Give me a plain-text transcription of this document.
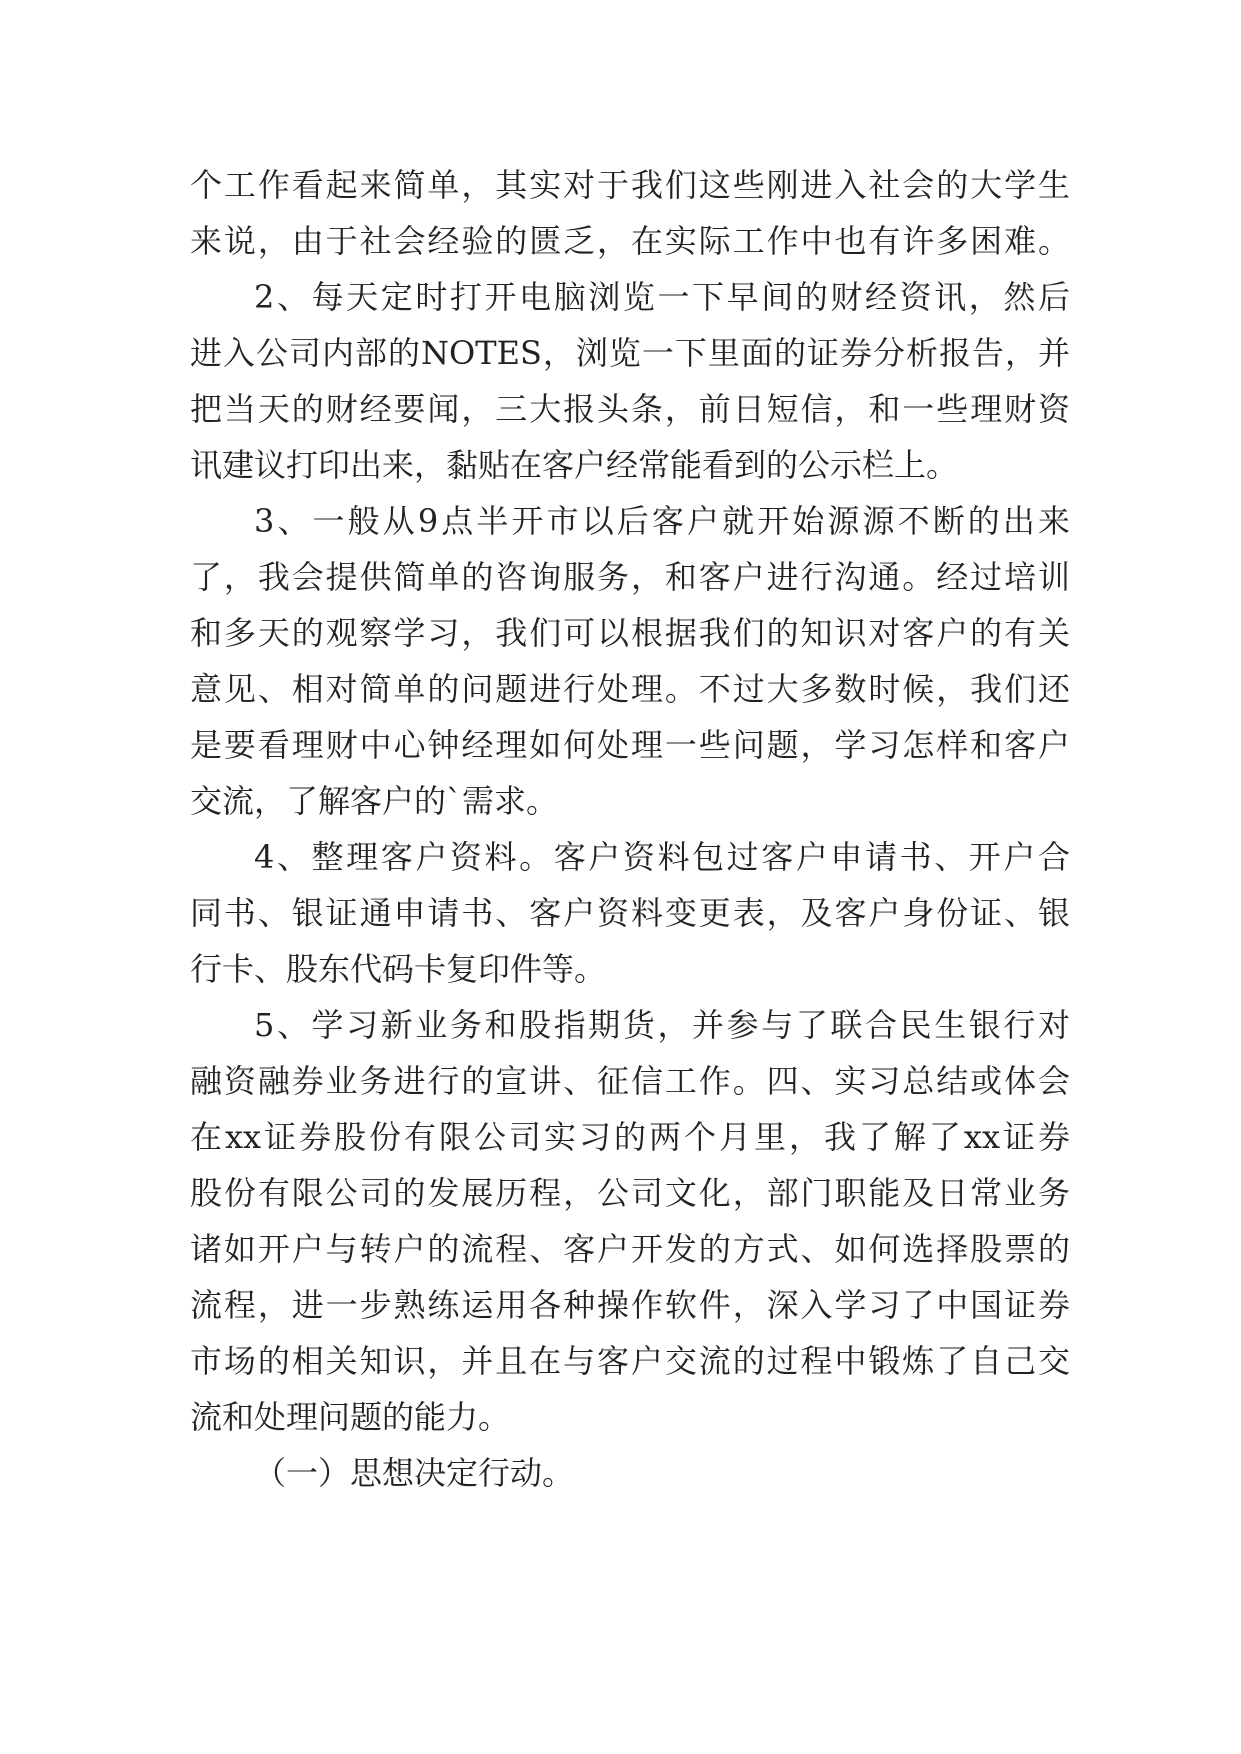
个工作看起来简单，其实对于我们这些刚进入社会的大学生
来说，由于社会经验的匮乏，在实际工作中也有许多困难。
2、每天定时打开电脑浏览一下早间的财经资讯，然后
进入公司内部的NOTES，浏览一下里面的证券分析报告，并
把当天的财经要闻，三大报头条，前日短信，和一些理财资
讯建议打印出来，黏贴在客户经常能看到的公示栏上。
3、一般从9点半开市以后客户就开始源源不断的出来
了，我会提供简单的咨询服务，和客户进行沟通。经过培训
和多天的观察学习，我们可以根据我们的知识对客户的有关
意见、相对简单的问题进行处理。不过大多数时候，我们还
是要看理财中心钟经理如何处理一些问题，学习怎样和客户
交流，了解客户的`需求。
4、整理客户资料。客户资料包过客户申请书、开户合
同书、银证通申请书、客户资料变更表，及客户身份证、银
行卡、股东代码卡复印件等。
5、学习新业务和股指期货，并参与了联合民生银行对
融资融券业务进行的宣讲、征信工作。四、实习总结或体会
在xx证券股份有限公司实习的两个月里，我了解了xx证券
股份有限公司的发展历程，公司文化，部门职能及日常业务
诸如开户与转户的流程、客户开发的方式、如何选择股票的
流程，进一步熟练运用各种操作软件，深入学习了中国证券
市场的相关知识，并且在与客户交流的过程中锻炼了自己交
流和处理问题的能力。
（一）思想决定行动。
